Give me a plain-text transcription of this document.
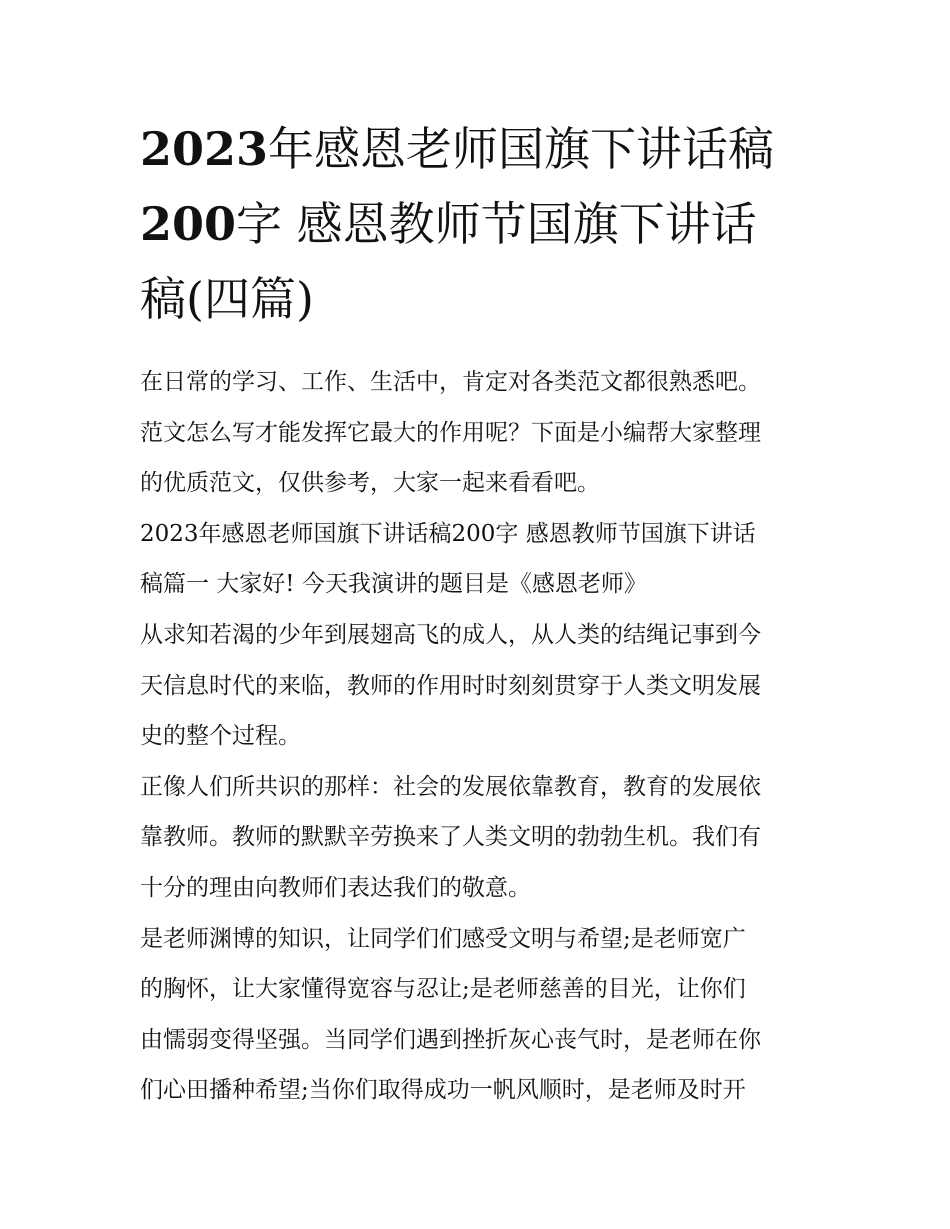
2023年感恩老师国旗下讲话稿
200字 感恩教师节国旗下讲话
稿(四篇)
在日常的学习、工作、生活中，肯定对各类范文都很熟悉吧。
范文怎么写才能发挥它最大的作用呢？下面是小编帮大家整理
的优质范文，仅供参考，大家一起来看看吧。
2023年感恩老师国旗下讲话稿200字 感恩教师节国旗下讲话
稿篇一 大家好! 今天我演讲的题目是《感恩老师》
从求知若渴的少年到展翅高飞的成人，从人类的结绳记事到今
天信息时代的来临，教师的作用时时刻刻贯穿于人类文明发展
史的整个过程。
正像人们所共识的那样：社会的发展依靠教育，教育的发展依
靠教师。教师的默默辛劳换来了人类文明的勃勃生机。我们有
十分的理由向教师们表达我们的敬意。
是老师渊博的知识，让同学们们感受文明与希望;是老师宽广
的胸怀，让大家懂得宽容与忍让;是老师慈善的目光，让你们
由懦弱变得坚强。当同学们遇到挫折灰心丧气时，是老师在你
们心田播种希望;当你们取得成功一帆风顺时，是老师及时开
